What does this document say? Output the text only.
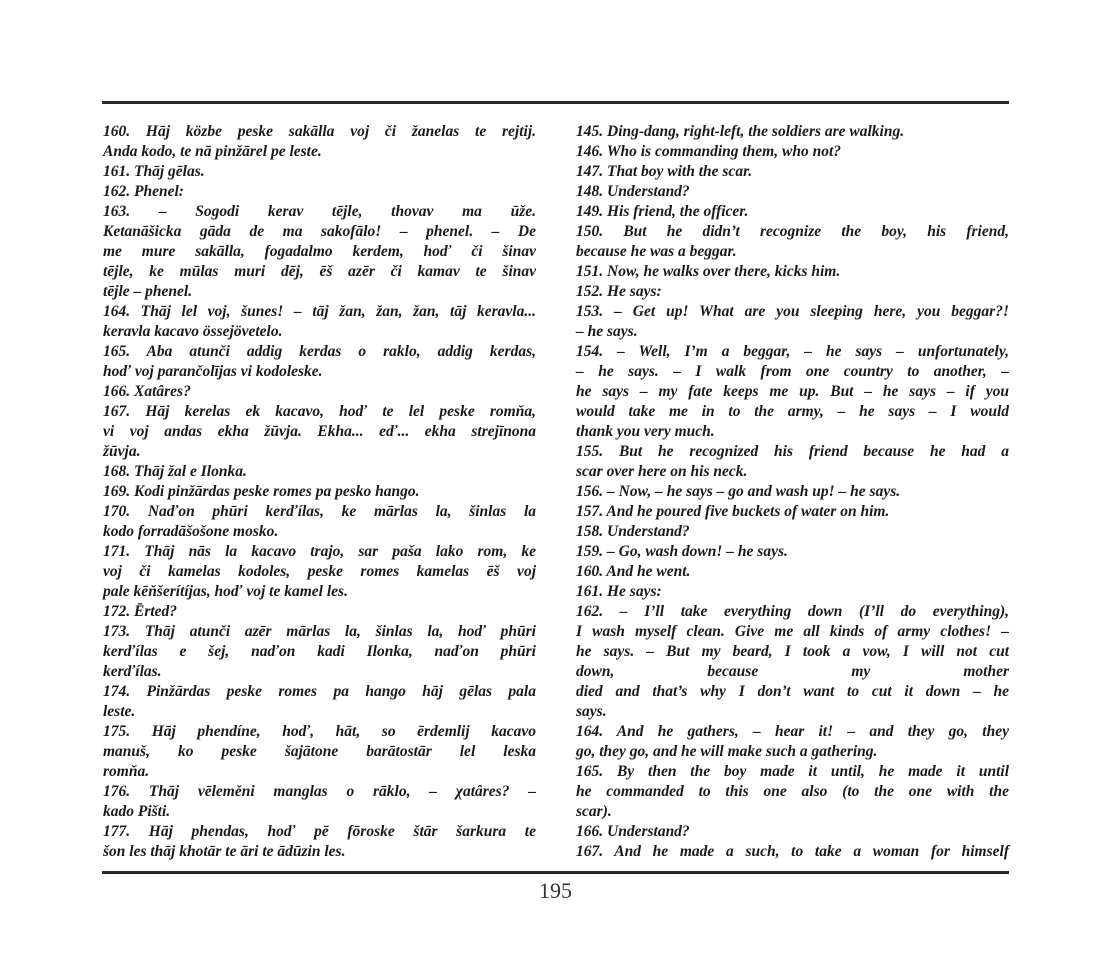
160. Hāj közbe peske sakālla voj či žanelas te rejtij.
Anda kodo, te nā pinžārel pe leste.
161. Thāj gēlas.
162. Phenel:
163. – Sogodi kerav tējle, thovav ma ūže.
Ketanāšicka gāda de ma sakofālo! – phenel. – De
me mure sakālla, fogadalmo kerdem, hoď či šinav
tējle, ke mūlas muri dēj, ēš azēr či kamav te šinav
tējle – phenel.
164. Thāj lel voj, šunes! – tāj žan, žan, žan, tāj keravla...
keravla kacavo össejövetelo.
165. Aba atunči addig kerdas o raklo, addig kerdas,
hoď voj parančolījas vi kodoleske.
166. Xatâres?
167. Hāj kerelas ek kacavo, hoď te lel peske romňa,
vi voj andas ekha žūvja. Ekha... eď... ekha strejīnona
žūvja.
168. Thāj žal e Ilonka.
169. Kodi pinžārdas peske romes pa pesko hango.
170. Naďon phūri kerďílas, ke mārlas la, šinlas la
kodo forradāšošone mosko.
171. Thāj nās la kacavo trajo, sar paša lako rom, ke
voj či kamelas kodoles, peske romes kamelas ēš voj
pale kēňšerítíjas, hoď voj te kamel les.
172. Ērted?
173. Thāj atunči azēr mārlas la, šinlas la, hoď phūri
kerďílas e šej, naďon kadi Ilonka, naďon phūri
kerďílas.
174. Pinžārdas peske romes pa hango hāj gēlas pala
leste.
175. Hāj phendíne, hoď, hāt, so ērdemlij kacavo
manuš, ko peske šajātone barātostār lel leska
romňa.
176. Thāj vēleměni manglas o rāklo, – χatâres? –
kado Pišti.
177. Hāj phendas, hoď pē fōroske štār šarkura te
šon les thāj khotār te āri te ādūzin les.
145. Ding-dang, right-left, the soldiers are walking.
146. Who is commanding them, who not?
147. That boy with the scar.
148. Understand?
149. His friend, the officer.
150. But he didn’t recognize the boy, his friend,
because he was a beggar.
151. Now, he walks over there, kicks him.
152. He says:
153. – Get up! What are you sleeping here, you beggar?!
– he says.
154. – Well, I’m a beggar, – he says – unfortunately,
– he says. – I walk from one country to another, –
he says – my fate keeps me up. But – he says – if you
would take me in to the army, – he says – I would
thank you very much.
155. But he recognized his friend because he had a
scar over here on his neck.
156. – Now, – he says – go and wash up! – he says.
157. And he poured five buckets of water on him.
158. Understand?
159. – Go, wash down! – he says.
160. And he went.
161. He says:
162. – I’ll take everything down (I’ll do everything),
I wash myself clean. Give me all kinds of army clothes! –
he says. – But my beard, I took a vow, I will not cut
down, because my mother
died and that’s why I don’t want to cut it down – he
says.
164. And he gathers, – hear it! – and they go, they
go, they go, and he will make such a gathering.
165. By then the boy made it until, he made it until
he commanded to this one also (to the one with the
scar).
166. Understand?
167. And he made a such, to take a woman for himself
195
